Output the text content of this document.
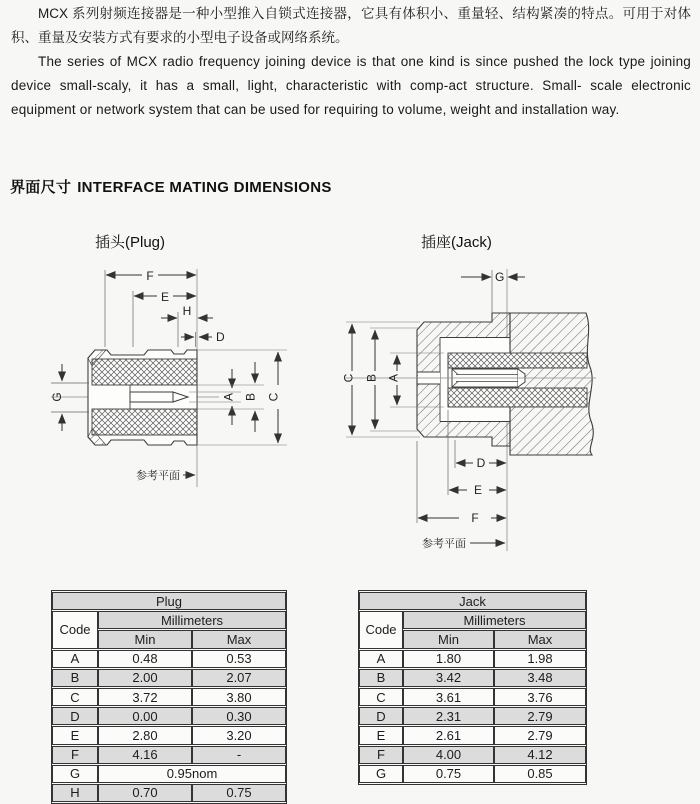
MCX 系列射频连接器是一种小型推入自锁式连接器，它具有体积小、重量轻、结构紧凑的特点。可用于对体积、重量及安装方式有要求的小型电子设备或网络系统。

The series of MCX radio frequency joining device is that one kind is since pushed the lock type joining device small-scaly, it has a small, light, characteristic with comp-act structure. Small- scale electronic equipment or network system that can be used for requiring to volume, weight and installation way.

界面尺寸 INTERFACE MATING DIMENSIONS
插头(Plug)	插座(Jack)
F
E
H
D
G	A B C
参考平面
G
C B A
D
E
F
参考平面
Plug		
Code	Millimeters	
	Min	Max
A	0.48	0.53
B	2.00	2.07
C	3.72	3.80
D	0.00	0.30
E	2.80	3.20
F	4.16	-
G	0.95nom	
H	0.70	0.75
Jack		
Code	Millimeters	
	Min	Max
A	1.80	1.98
B	3.42	3.48
C	3.61	3.76
D	2.31	2.79
E	2.61	2.79
F	4.00	4.12
G	0.75	0.85
